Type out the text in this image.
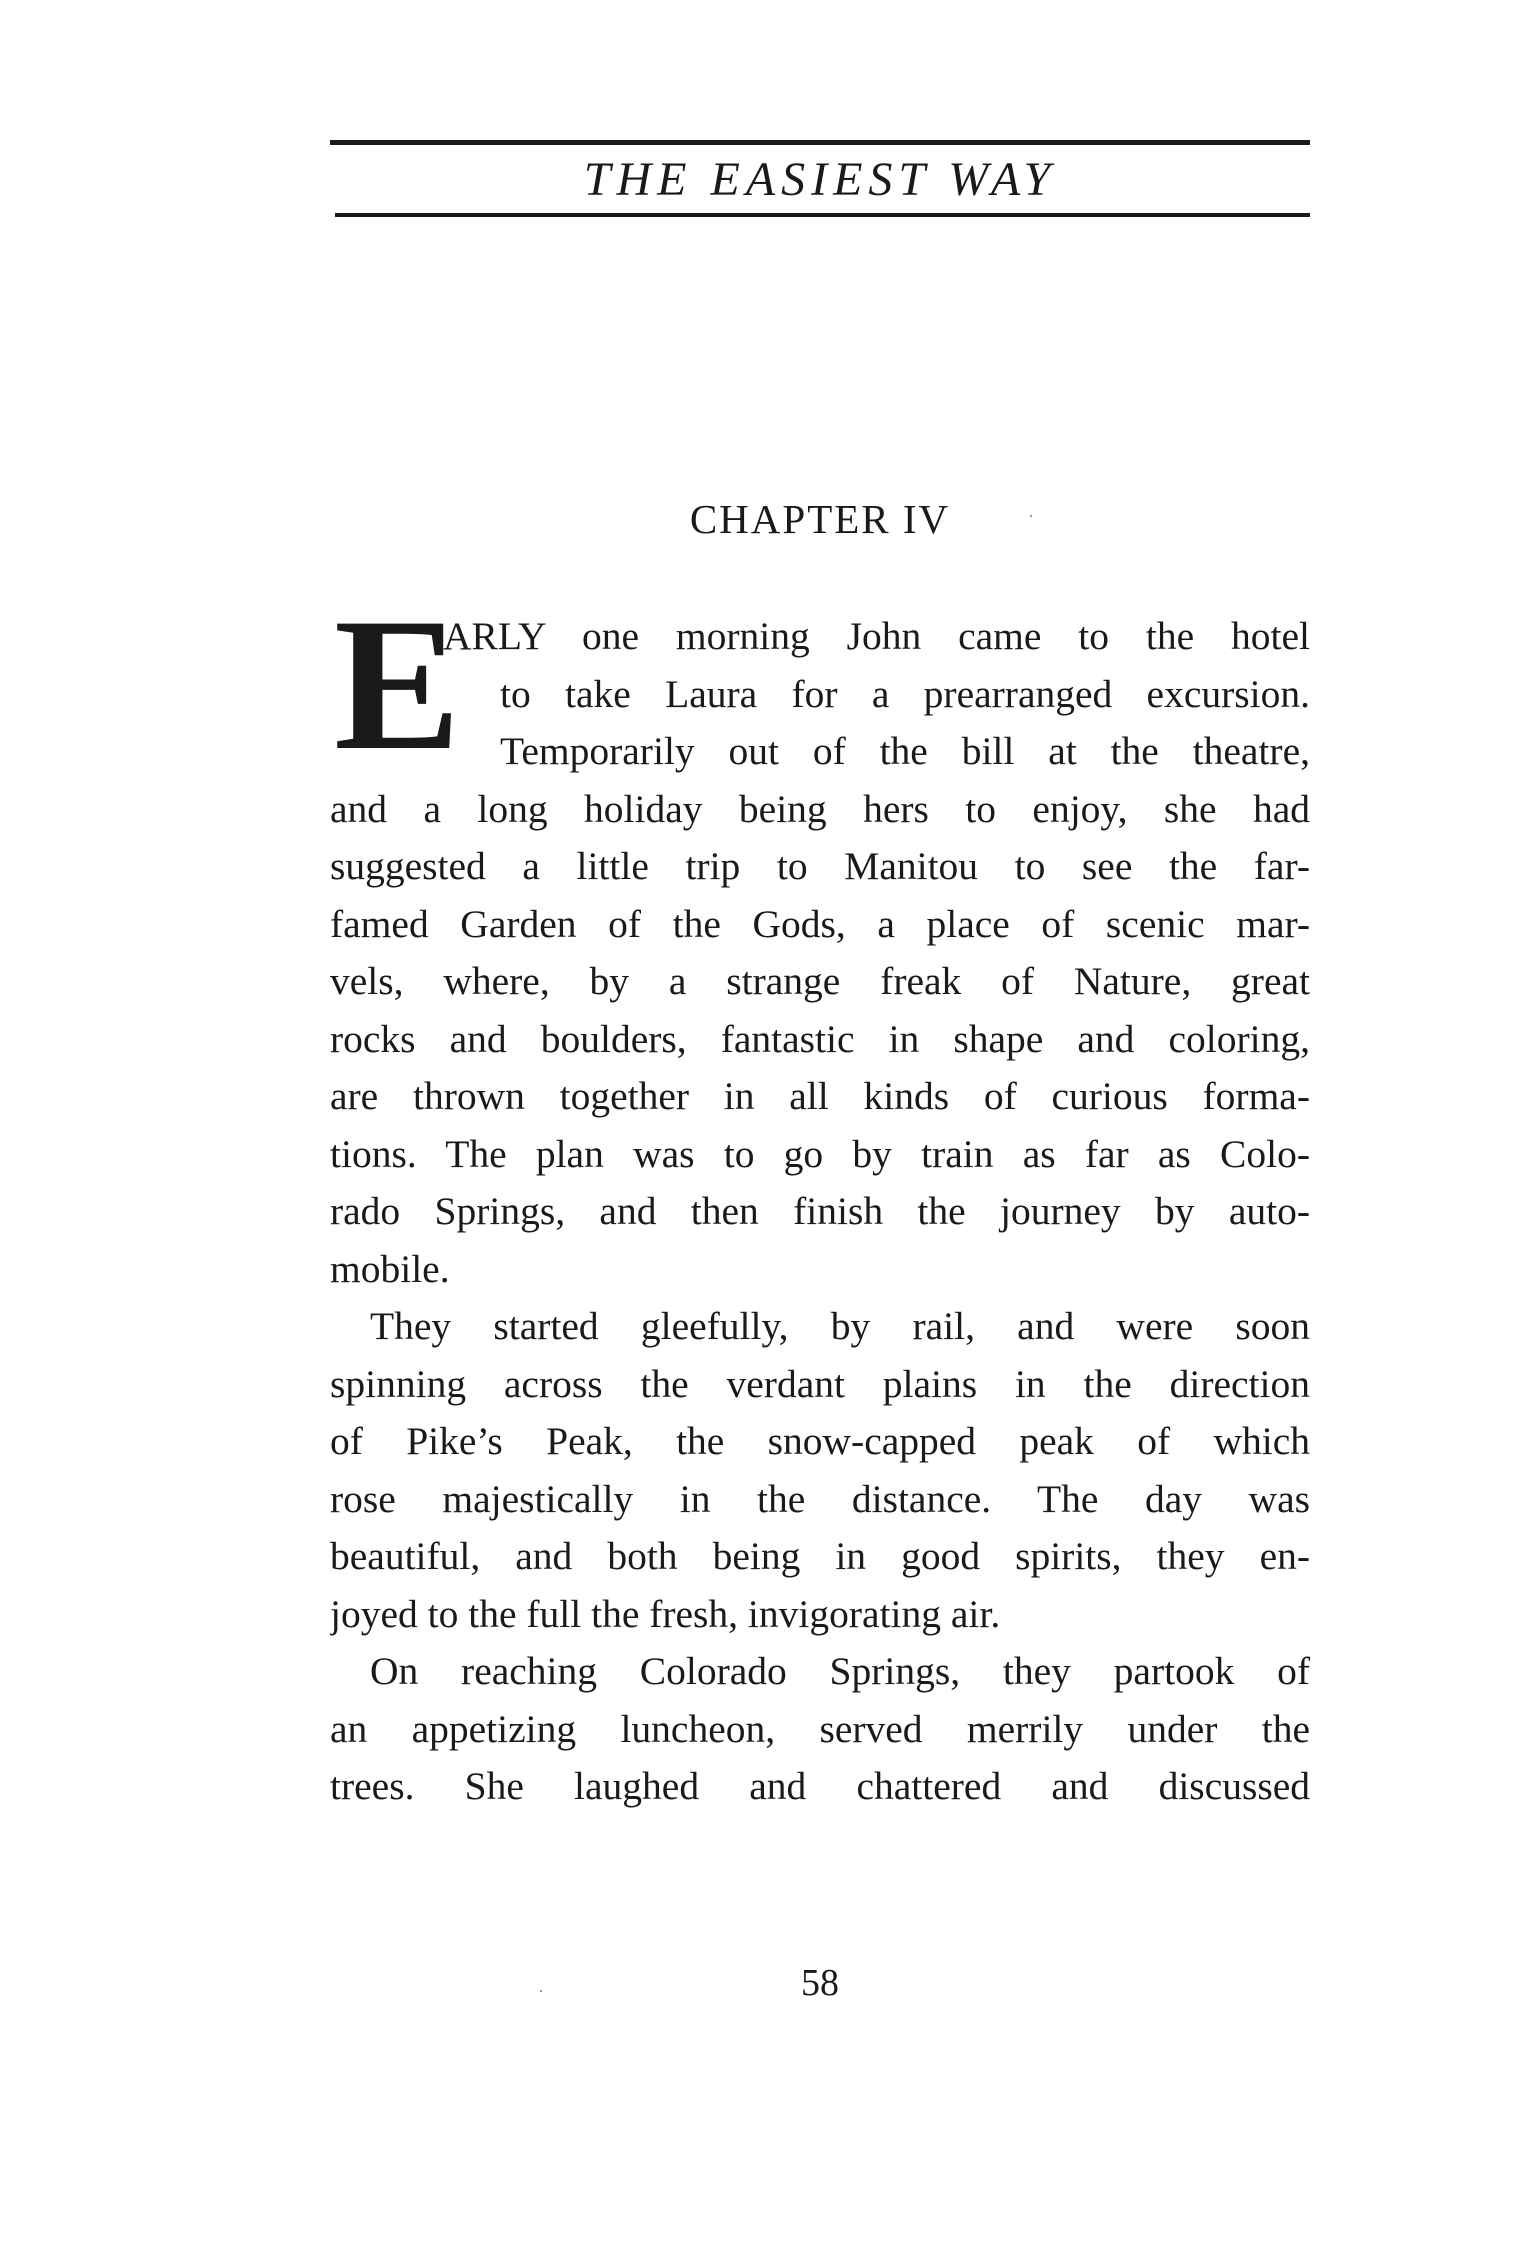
THE EASIEST WAY
CHAPTER IV
E
ARLY one morning John came to the hotel
to take Laura for a prearranged excursion.
Temporarily out of the bill at the theatre,
and a long holiday being hers to enjoy, she had
suggested a little trip to Manitou to see the far-
famed Garden of the Gods, a place of scenic mar-
vels, where, by a strange freak of Nature, great
rocks and boulders, fantastic in shape and coloring,
are thrown together in all kinds of curious forma-
tions. The plan was to go by train as far as Colo-
rado Springs, and then finish the journey by auto-
mobile.
They started gleefully, by rail, and were soon
spinning across the verdant plains in the direction
of Pike’s Peak, the snow-capped peak of which
rose majestically in the distance. The day was
beautiful, and both being in good spirits, they en-
joyed to the full the fresh, invigorating air.
On reaching Colorado Springs, they partook of
an appetizing luncheon, served merrily under the
trees. She laughed and chattered and discussed
58
